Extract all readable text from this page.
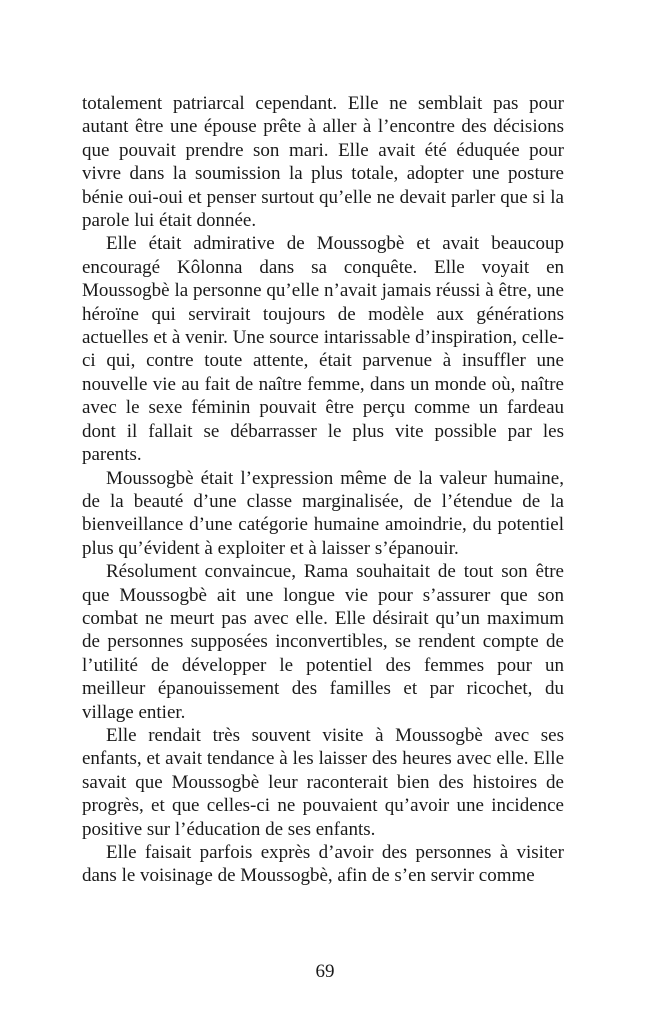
totalement patriarcal cependant. Elle ne semblait pas pour autant être une épouse prête à aller à l’encontre des décisions que pouvait prendre son mari. Elle avait été éduquée pour vivre dans la soumission la plus totale, adopter une posture bénie oui-oui et penser surtout qu’elle ne devait parler que si la parole lui était donnée.

Elle était admirative de Moussogbè et avait beaucoup encouragé Kôlonna dans sa conquête. Elle voyait en Moussogbè la personne qu’elle n’avait jamais réussi à être, une héroïne qui servirait toujours de modèle aux générations actuelles et à venir. Une source intarissable d’inspiration, celle-ci qui, contre toute attente, était parvenue à insuffler une nouvelle vie au fait de naître femme, dans un monde où, naître avec le sexe féminin pouvait être perçu comme un fardeau dont il fallait se débarrasser le plus vite possible par les parents.

Moussogbè était l’expression même de la valeur humaine, de la beauté d’une classe marginalisée, de l’étendue de la bienveillance d’une catégorie humaine amoindrie, du potentiel plus qu’évident à exploiter et à laisser s’épanouir.

Résolument convaincue, Rama souhaitait de tout son être que Moussogbè ait une longue vie pour s’assurer que son combat ne meurt pas avec elle. Elle désirait qu’un maximum de personnes supposées inconvertibles, se rendent compte de l’utilité de développer le potentiel des femmes pour un meilleur épanouissement des familles et par ricochet, du village entier.

Elle rendait très souvent visite à Moussogbè avec ses enfants, et avait tendance à les laisser des heures avec elle. Elle savait que Moussogbè leur raconterait bien des histoires de progrès, et que celles-ci ne pouvaient qu’avoir une incidence positive sur l’éducation de ses enfants.

Elle faisait parfois exprès d’avoir des personnes à visiter dans le voisinage de Moussogbè, afin de s’en servir comme

69
